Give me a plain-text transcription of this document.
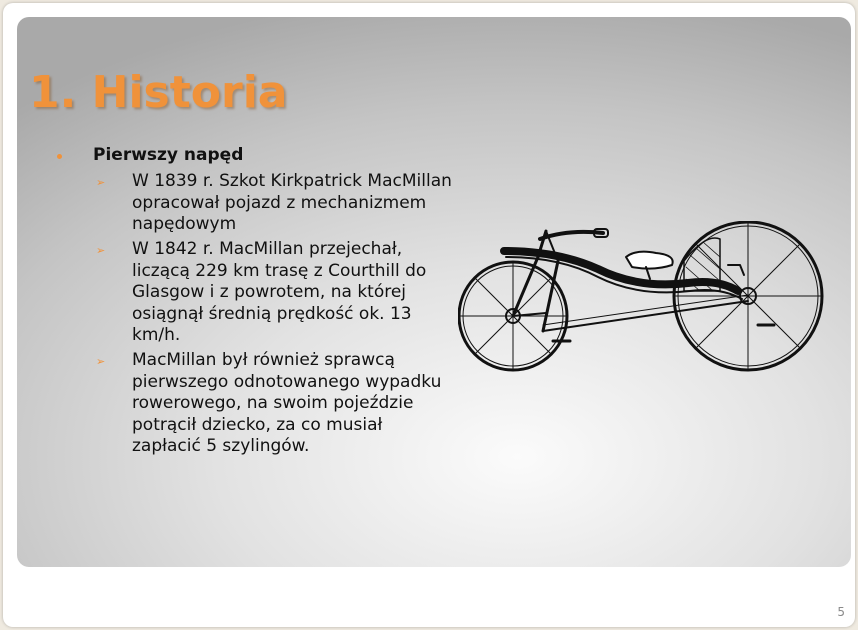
1. Historia
Pierwszy napęd
➢ W 1839 r. Szkot Kirkpatrick MacMillan opracował pojazd z mechanizmem napędowym
➢ W 1842 r. MacMillan przejechał, liczącą 229 km trasę z Courthill do Glasgow i z powrotem, na której osiągnął średnią prędkość ok. 13 km/h.
➢ MacMillan był również sprawcą pierwszego odnotowanego wypadku rowerowego, na swoim pojeździe potrącił dziecko, za co musiał zapłacić 5 szylingów.
5
